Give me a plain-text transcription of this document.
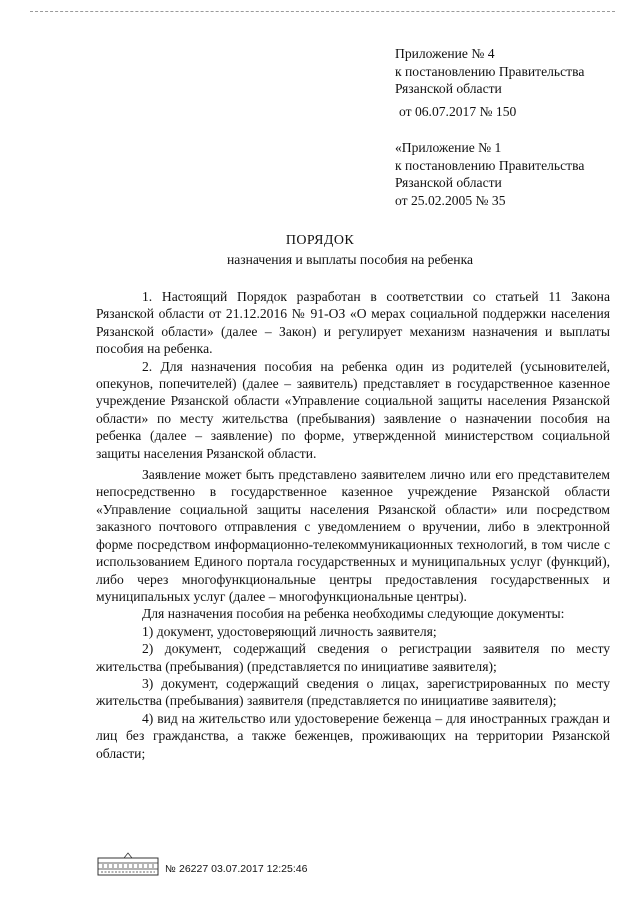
Приложение № 4
к постановлению Правительства
Рязанской области
от 06.07.2017 № 150
«Приложение № 1
к постановлению Правительства
Рязанской области
от 25.02.2005 № 35
ПОРЯДОК
назначения и выплаты пособия на ребенка

1. Настоящий Порядок разработан в соответствии со статьей 11 Закона Рязанской области от 21.12.2016 № 91-ОЗ «О мерах социальной поддержки населения Рязанской области» (далее – Закон) и регулирует механизм назначения и выплаты пособия на ребенка.

2. Для назначения пособия на ребенка один из родителей (усыновителей, опекунов, попечителей) (далее – заявитель) представляет в государственное казенное учреждение Рязанской области «Управление социальной защиты населения Рязанской области» по месту жительства (пребывания) заявление о назначении пособия на ребенка (далее – заявление) по форме, утвержденной министерством социальной защиты населения Рязанской области.

Заявление может быть представлено заявителем лично или его представителем непосредственно в государственное казенное учреждение Рязанской области «Управление социальной защиты населения Рязанской области» или посредством заказного почтового отправления с уведомлением о вручении, либо в электронной форме посредством информационно-телекоммуникационных технологий, в том числе с использованием Единого портала государственных и муниципальных услуг (функций), либо через многофункциональные центры предоставления государственных и муниципальных услуг (далее – многофункциональные центры).

Для назначения пособия на ребенка необходимы следующие документы:

1) документ, удостоверяющий личность заявителя;

2) документ, содержащий сведения о регистрации заявителя по месту жительства (пребывания) (представляется по инициативе заявителя);

3) документ, содержащий сведения о лицах, зарегистрированных по месту жительства (пребывания) заявителя (представляется по инициативе заявителя);

4) вид на жительство или удостоверение беженца – для иностранных граждан и лиц без гражданства, а также беженцев, проживающих на территории Рязанской области;

№ 26227 03.07.2017 12:25:46
